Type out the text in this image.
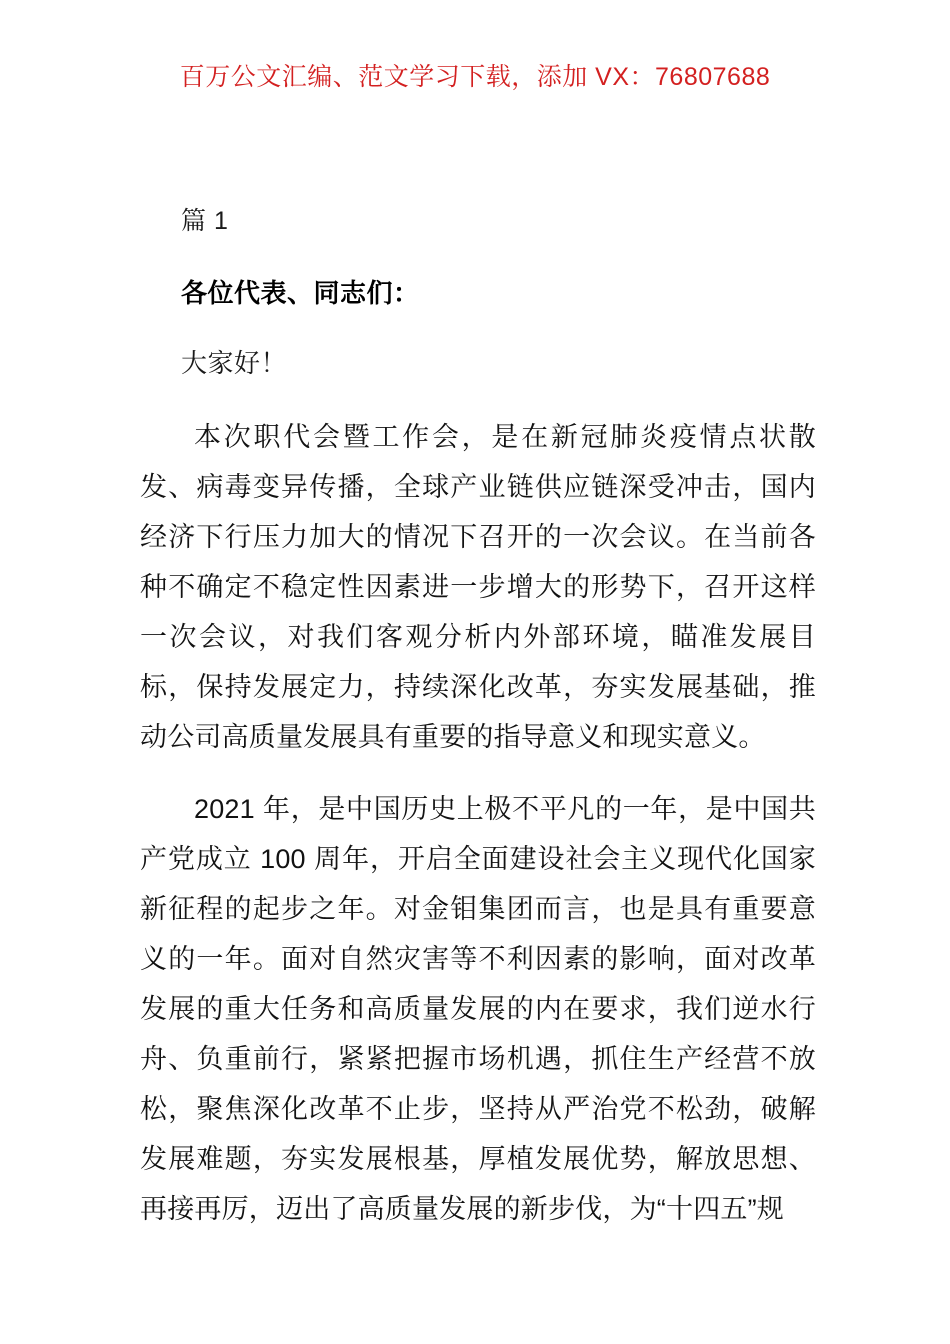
百万公文汇编、范文学习下载，添加 VX：76807688

篇 1

各位代表、同志们：

大家好！

本次职代会暨工作会，是在新冠肺炎疫情点状散发、病毒变异传播，全球产业链供应链深受冲击，国内经济下行压力加大的情况下召开的一次会议。在当前各种不确定不稳定性因素进一步增大的形势下，召开这样一次会议，对我们客观分析内外部环境，瞄准发展目标，保持发展定力，持续深化改革，夯实发展基础，推动公司高质量发展具有重要的指导意义和现实意义。

2021 年，是中国历史上极不平凡的一年，是中国共产党成立 100 周年，开启全面建设社会主义现代化国家新征程的起步之年。对金钼集团而言，也是具有重要意义的一年。面对自然灾害等不利因素的影响，面对改革发展的重大任务和高质量发展的内在要求，我们逆水行舟、负重前行，紧紧把握市场机遇，抓住生产经营不放松，聚焦深化改革不止步，坚持从严治党不松劲，破解发展难题，夯实发展根基，厚植发展优势，解放思想、再接再厉，迈出了高质量发展的新步伐，为“十四五”规
